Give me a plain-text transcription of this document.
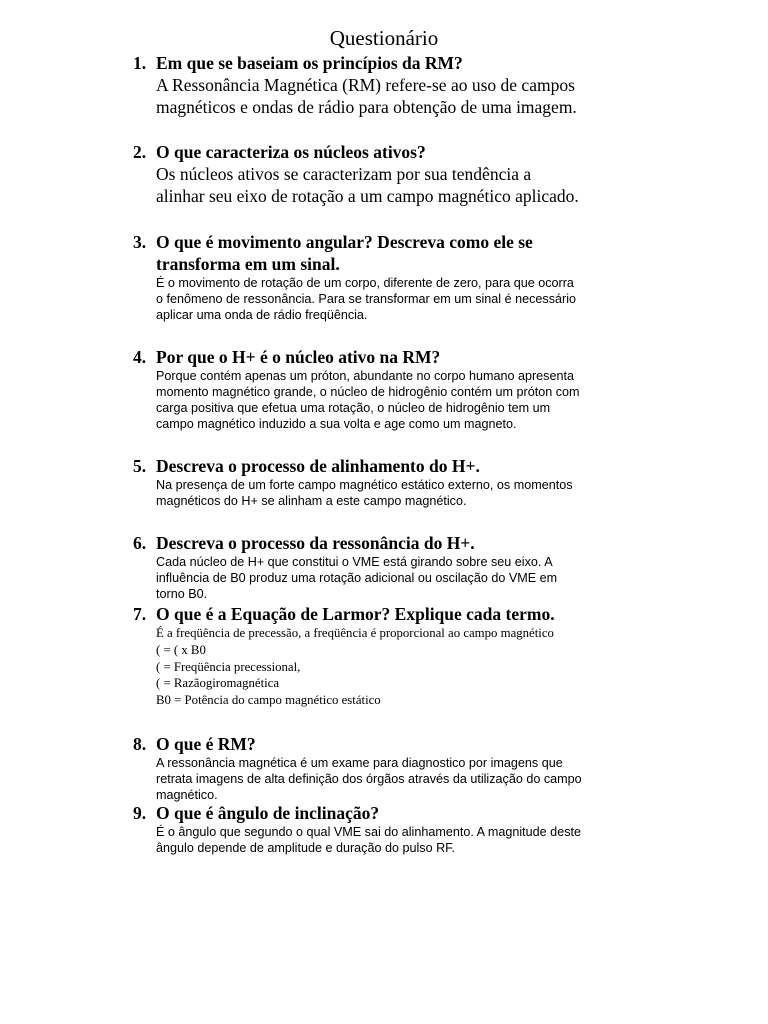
Questionário
1. Em que se baseiam os princípios da RM?
A Ressonância Magnética (RM) refere-se ao uso de campos
magnéticos e ondas de rádio para obtenção de uma imagem.
2. O que caracteriza os núcleos ativos?
Os núcleos ativos se caracterizam por sua tendência a
alinhar seu eixo de rotação a um campo magnético aplicado.
3. O que é movimento angular? Descreva como ele se
transforma em um sinal.
É o movimento de rotação de um corpo, diferente de zero, para que ocorra
o fenômeno de ressonância. Para se transformar em um sinal é necessário
aplicar uma onda de rádio freqüência.
4. Por que o H+ é o núcleo ativo na RM?
Porque contém apenas um próton, abundante no corpo humano apresenta
momento magnético grande, o núcleo de hidrogênio contém um próton com
carga positiva que efetua uma rotação, o núcleo de hidrogênio tem um
campo magnético induzido a sua volta e age como um magneto.
5. Descreva o processo de alinhamento do H+.
Na presença de um forte campo magnético estático externo, os momentos
magnéticos do H+ se alinham a este campo magnético.
6. Descreva o processo da ressonância do H+.
Cada núcleo de H+ que constitui o VME está girando sobre seu eixo. A
influência de B0 produz uma rotação adicional ou oscilação do VME em
torno B0.
7. O que é a Equação de Larmor? Explique cada termo.
É a freqüência de precessão, a freqüência é proporcional ao campo magnético
( = ( x B0
( = Freqüência precessional,
( = Razãogiromagnética
B0 = Potência do campo magnético estático
8. O que é RM?
A ressonância magnética é um exame para diagnostico por imagens que
retrata imagens de alta definição dos órgãos através da utilização do campo
magnético.
9. O que é ângulo de inclinação?
É o ângulo que segundo o qual VME sai do alinhamento. A magnitude deste
ângulo depende de amplitude e duração do pulso RF.
